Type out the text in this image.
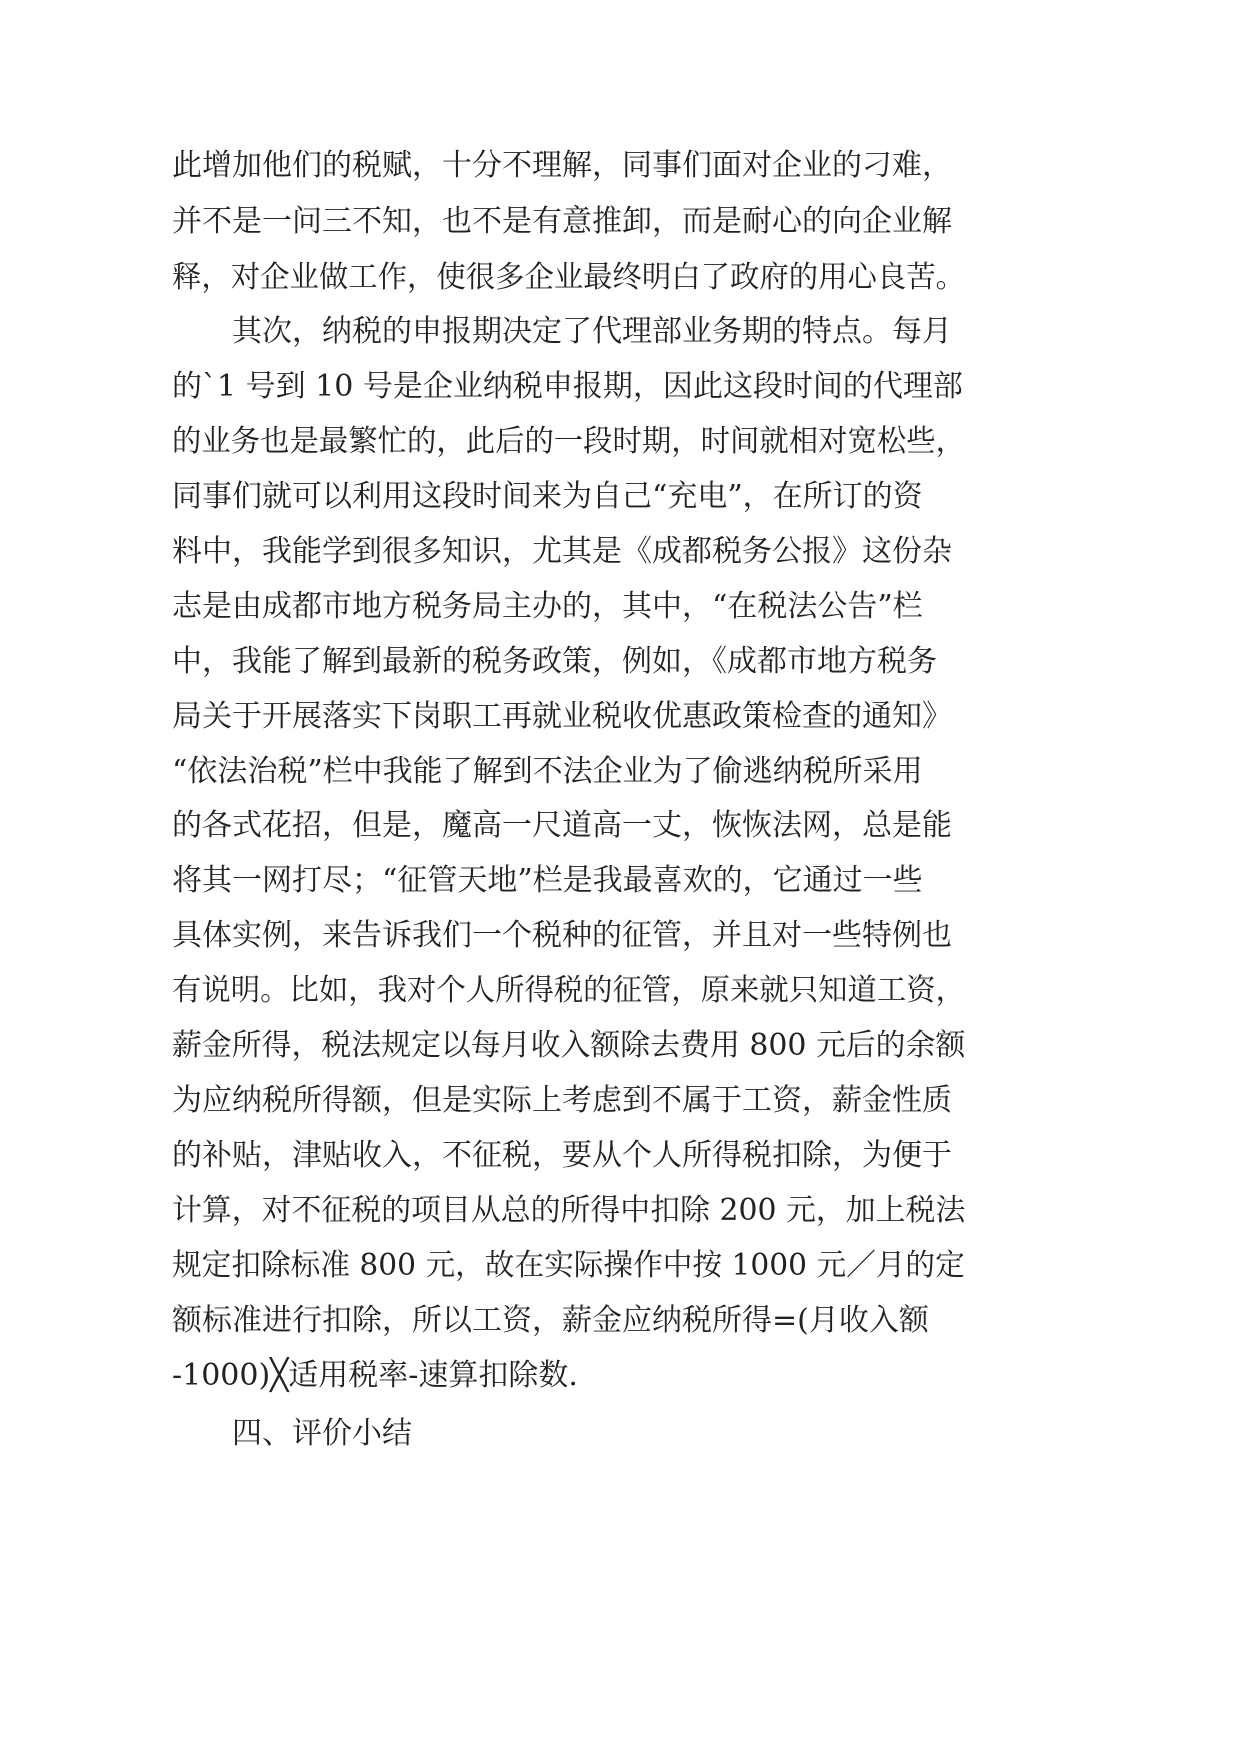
此增加他们的税赋，十分不理解，同事们面对企业的刁难，
并不是一问三不知，也不是有意推卸，而是耐心的向企业解
释，对企业做工作，使很多企业最终明白了政府的用心良苦。
其次，纳税的申报期决定了代理部业务期的特点。每月
的`1 号到 10 号是企业纳税申报期，因此这段时间的代理部
的业务也是最繁忙的，此后的一段时期，时间就相对宽松些，
同事们就可以利用这段时间来为自己“充电”，在所订的资
料中，我能学到很多知识，尤其是《成都税务公报》这份杂
志是由成都市地方税务局主办的，其中，“在税法公告”栏
中，我能了解到最新的税务政策，例如，《成都市地方税务
局关于开展落实下岗职工再就业税收优惠政策检查的通知》
“依法治税”栏中我能了解到不法企业为了偷逃纳税所采用
的各式花招，但是，魔高一尺道高一丈，恢恢法网，总是能
将其一网打尽；“征管天地”栏是我最喜欢的，它通过一些
具体实例，来告诉我们一个税种的征管，并且对一些特例也
有说明。比如，我对个人所得税的征管，原来就只知道工资，
薪金所得，税法规定以每月收入额除去费用 800 元后的余额
为应纳税所得额，但是实际上考虑到不属于工资，薪金性质
的补贴，津贴收入，不征税，要从个人所得税扣除，为便于
计算，对不征税的项目从总的所得中扣除 200 元，加上税法
规定扣除标准 800 元，故在实际操作中按 1000 元／月的定
额标准进行扣除，所以工资，薪金应纳税所得=(月收入额
-1000)╳适用税率-速算扣除数.
四、评价小结
